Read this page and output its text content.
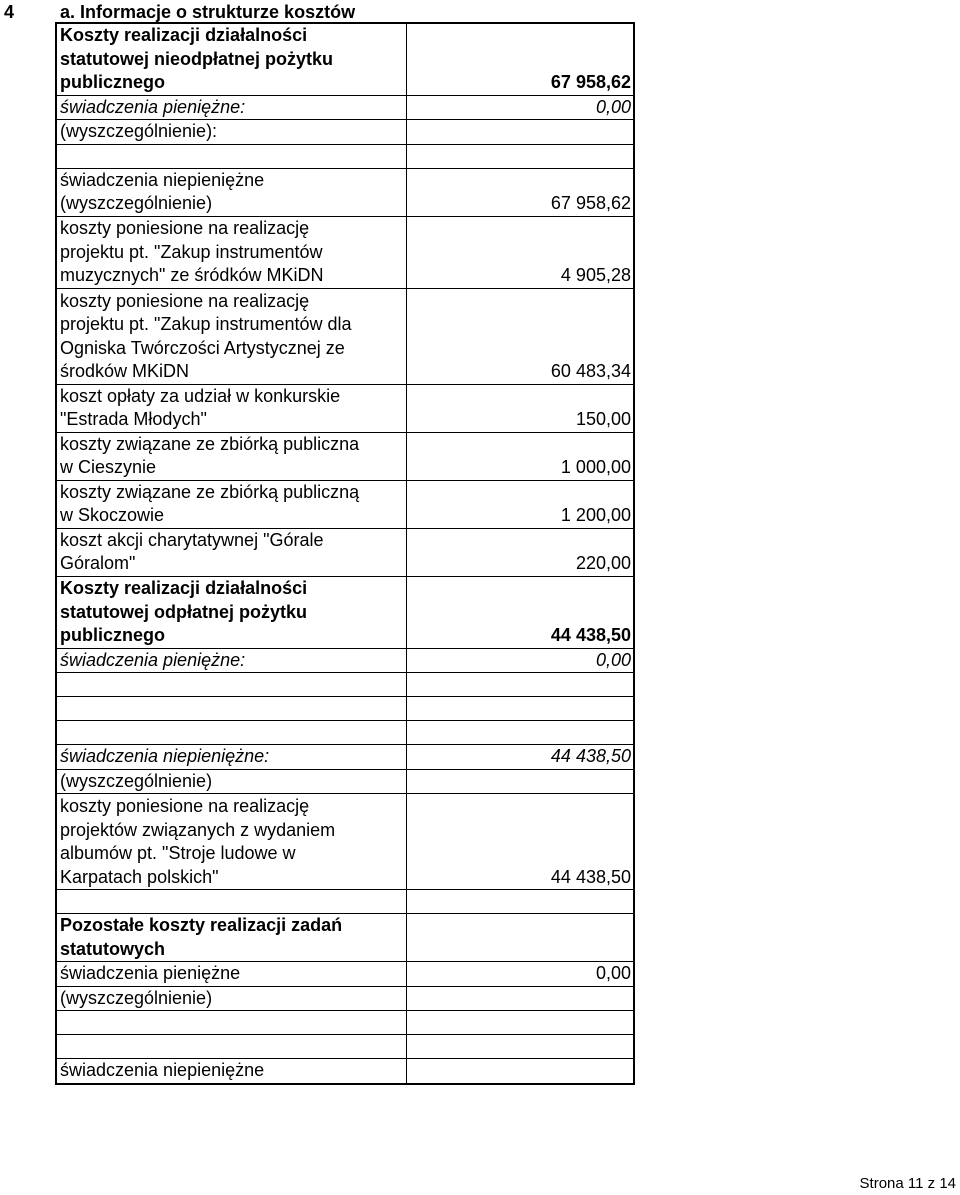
4	a. Informacje o strukturze kosztów
Koszty realizacji działalności
statutowej nieodpłatnej pożytku
publicznego	67 958,62
świadczenia pieniężne:	0,00
(wyszczególnienie):	

świadczenia niepieniężne
(wyszczególnienie)	67 958,62
koszty poniesione na realizację
projektu pt. "Zakup instrumentów
muzycznych" ze śródków MKiDN	4 905,28
koszty poniesione na realizację
projektu pt. "Zakup instrumentów dla
Ogniska Twórczości Artystycznej ze
środków MKiDN	60 483,34
koszt opłaty za udział w konkurskie
"Estrada Młodych"	150,00
koszty związane ze zbiórką publiczna
w Cieszynie	1 000,00
koszty związane ze zbiórką publiczną
w Skoczowie	1 200,00
koszt akcji charytatywnej "Górale
Góralom"	220,00
Koszty realizacji działalności
statutowej odpłatnej pożytku
publicznego	44 438,50
świadczenia pieniężne:	0,00

świadczenia niepieniężne:	44 438,50
(wyszczególnienie)	
koszty poniesione na realizację
projektów związanych z wydaniem
albumów pt. "Stroje ludowe w
Karpatach polskich"	44 438,50

Pozostałe koszty realizacji zadań
statutowych	
świadczenia pieniężne	0,00
(wyszczególnienie)	

świadczenia niepieniężne	
Strona 11 z 14
